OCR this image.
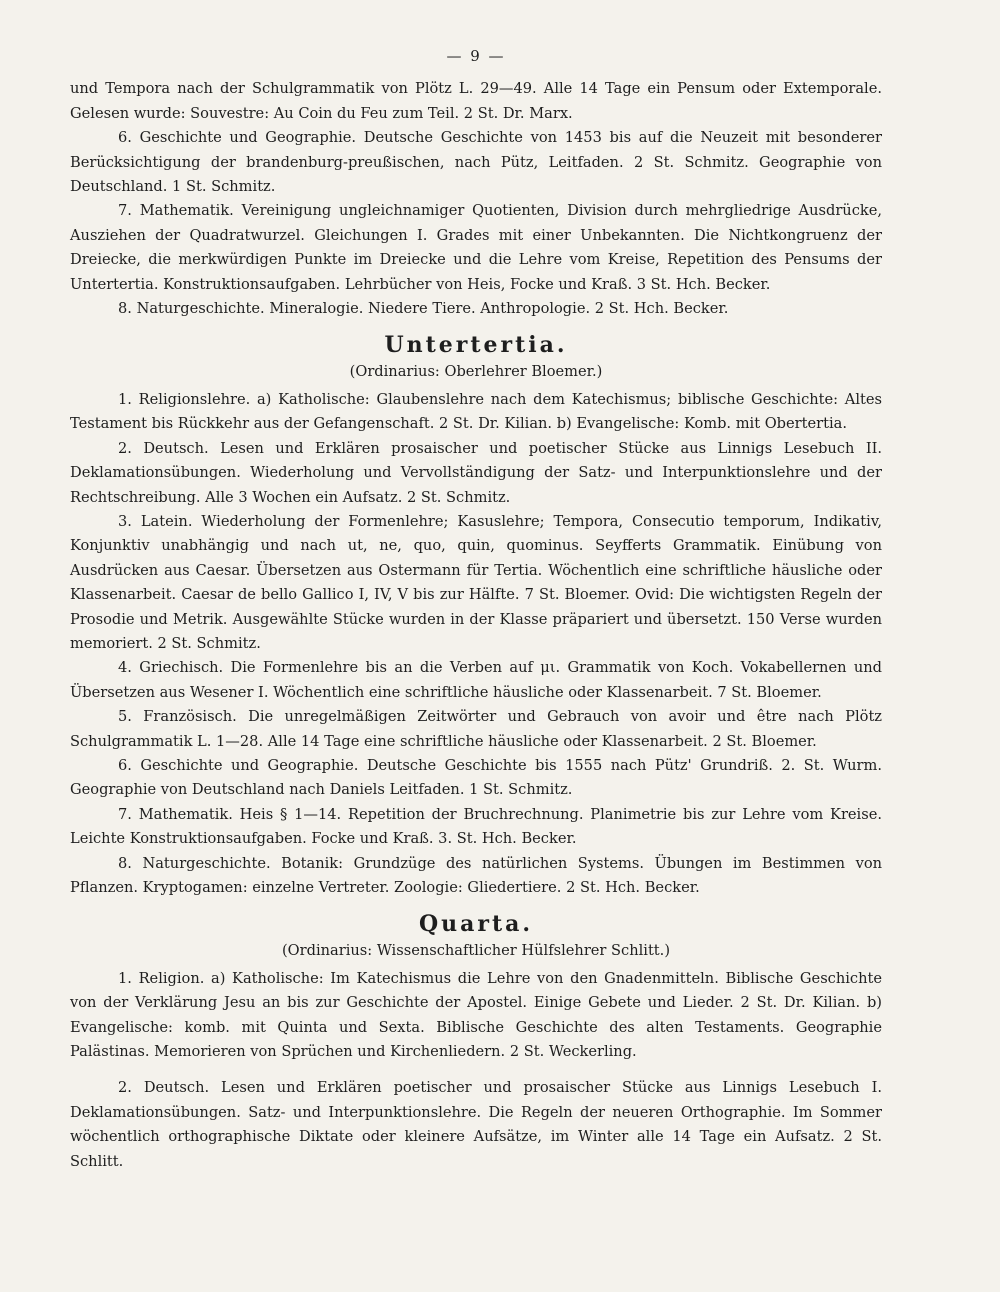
— 9 —

und Tempora nach der Schulgrammatik von Plötz L. 29—49. Alle 14 Tage ein Pensum oder Extemporale. Gelesen wurde: Souvestre: Au Coin du Feu zum Teil. 2 St. Dr. Marx.

6. Geschichte und Geographie. Deutsche Geschichte von 1453 bis auf die Neuzeit mit besonderer Berücksichtigung der brandenburg-preußischen, nach Pütz, Leitfaden. 2 St. Schmitz. Geographie von Deutschland. 1 St. Schmitz.

7. Mathematik. Vereinigung ungleichnamiger Quotienten, Division durch mehrgliedrige Ausdrücke, Ausziehen der Quadratwurzel. Gleichungen I. Grades mit einer Unbekannten. Die Nichtkongruenz der Dreiecke, die merkwürdigen Punkte im Dreiecke und die Lehre vom Kreise, Repetition des Pensums der Untertertia. Konstruktionsaufgaben. Lehrbücher von Heis, Focke und Kraß. 3 St. Hch. Becker.

8. Naturgeschichte. Mineralogie. Niedere Tiere. Anthropologie. 2 St. Hch. Becker.

Untertertia.
(Ordinarius: Oberlehrer Bloemer.)

1. Religionslehre. a) Katholische: Glaubenslehre nach dem Katechismus; biblische Geschichte: Altes Testament bis Rückkehr aus der Gefangenschaft. 2 St. Dr. Kilian. b) Evangelische: Komb. mit Obertertia.

2. Deutsch. Lesen und Erklären prosaischer und poetischer Stücke aus Linnigs Lesebuch II. Deklamationsübungen. Wiederholung und Vervollständigung der Satz- und Interpunktionslehre und der Rechtschreibung. Alle 3 Wochen ein Aufsatz. 2 St. Schmitz.

3. Latein. Wiederholung der Formenlehre; Kasuslehre; Tempora, Consecutio temporum, Indikativ, Konjunktiv unabhängig und nach ut, ne, quo, quin, quominus. Seyfferts Grammatik. Einübung von Ausdrücken aus Caesar. Übersetzen aus Ostermann für Tertia. Wöchentlich eine schriftliche häusliche oder Klassenarbeit. Caesar de bello Gallico I, IV, V bis zur Hälfte. 7 St. Bloemer. Ovid: Die wichtigsten Regeln der Prosodie und Metrik. Ausgewählte Stücke wurden in der Klasse präpariert und übersetzt. 150 Verse wurden memoriert. 2 St. Schmitz.

4. Griechisch. Die Formenlehre bis an die Verben auf μι. Grammatik von Koch. Vokabellernen und Übersetzen aus Wesener I. Wöchentlich eine schriftliche häusliche oder Klassenarbeit. 7 St. Bloemer.

5. Französisch. Die unregelmäßigen Zeitwörter und Gebrauch von avoir und être nach Plötz Schulgrammatik L. 1—28. Alle 14 Tage eine schriftliche häusliche oder Klassenarbeit. 2 St. Bloemer.

6. Geschichte und Geographie. Deutsche Geschichte bis 1555 nach Pütz' Grundriß. 2. St. Wurm. Geographie von Deutschland nach Daniels Leitfaden. 1 St. Schmitz.

7. Mathematik. Heis § 1—14. Repetition der Bruchrechnung. Planimetrie bis zur Lehre vom Kreise. Leichte Konstruktionsaufgaben. Focke und Kraß. 3. St. Hch. Becker.

8. Naturgeschichte. Botanik: Grundzüge des natürlichen Systems. Übungen im Bestimmen von Pflanzen. Kryptogamen: einzelne Vertreter. Zoologie: Gliedertiere. 2 St. Hch. Becker.

Quarta.
(Ordinarius: Wissenschaftlicher Hülfslehrer Schlitt.)

1. Religion. a) Katholische: Im Katechismus die Lehre von den Gnadenmitteln. Biblische Geschichte von der Verklärung Jesu an bis zur Geschichte der Apostel. Einige Gebete und Lieder. 2 St. Dr. Kilian. b) Evangelische: komb. mit Quinta und Sexta. Biblische Geschichte des alten Testaments. Geographie Palästinas. Memorieren von Sprüchen und Kirchenliedern. 2 St. Weckerling.

2. Deutsch. Lesen und Erklären poetischer und prosaischer Stücke aus Linnigs Lesebuch I. Deklamationsübungen. Satz- und Interpunktionslehre. Die Regeln der neueren Orthographie. Im Sommer wöchentlich orthographische Diktate oder kleinere Aufsätze, im Winter alle 14 Tage ein Aufsatz. 2 St. Schlitt.
